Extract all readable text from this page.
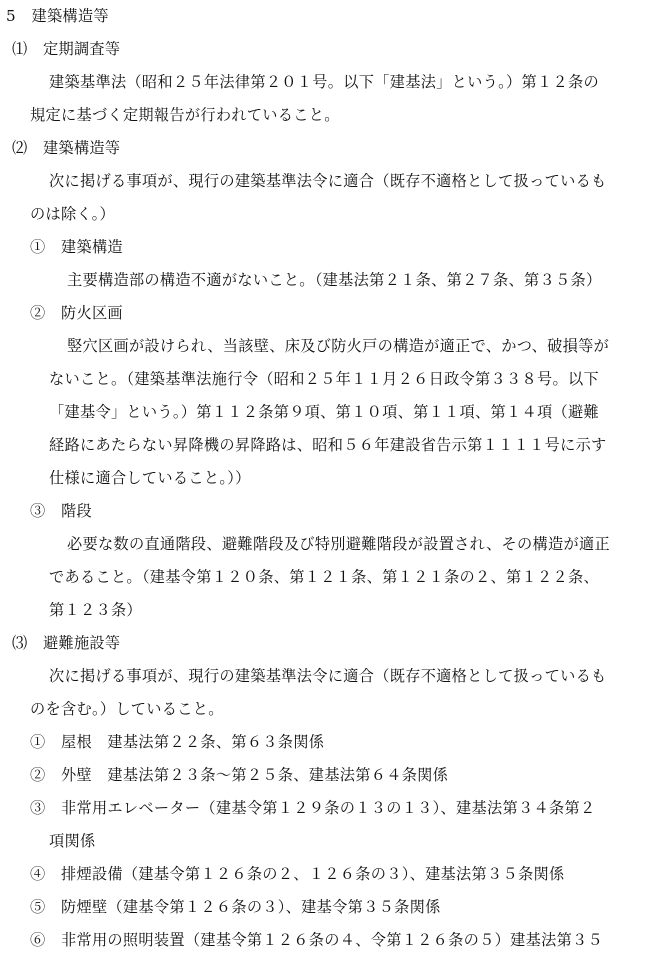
5　建築構造等
⑴　定期調査等
建築基準法（昭和２５年法律第２０１号。以下「建基法」という。）第１２条の
規定に基づく定期報告が行われていること。
⑵　建築構造等
次に掲げる事項が、現行の建築基準法令に適合（既存不適格として扱っているも
のは除く。）
①　建築構造
主要構造部の構造不適がないこと。（建基法第２１条、第２７条、第３５条）
②　防火区画
竪穴区画が設けられ、当該壁、床及び防火戸の構造が適正で、かつ、破損等が
ないこと。（建築基準法施行令（昭和２５年１１月２６日政令第３３８号。以下
「建基令」という。）第１１２条第９項、第１０項、第１１項、第１４項（避難
経路にあたらない昇降機の昇降路は、昭和５６年建設省告示第１１１１号に示す
仕様に適合していること。））
③　階段
必要な数の直通階段、避難階段及び特別避難階段が設置され、その構造が適正
であること。（建基令第１２０条、第１２１条、第１２１条の２、第１２２条、
第１２３条）
⑶　避難施設等
次に掲げる事項が、現行の建築基準法令に適合（既存不適格として扱っているも
のを含む。）していること。
①　屋根　建基法第２２条、第６３条関係
②　外壁　建基法第２３条～第２５条、建基法第６４条関係
③　非常用エレベーター（建基令第１２９条の１３の１３）、建基法第３４条第２
項関係
④　排煙設備（建基令第１２６条の２、１２６条の３）、建基法第３５条関係
⑤　防煙壁（建基令第１２６条の３）、建基令第３５条関係
⑥　非常用の照明装置（建基令第１２６条の４、令第１２６条の５）建基法第３５
